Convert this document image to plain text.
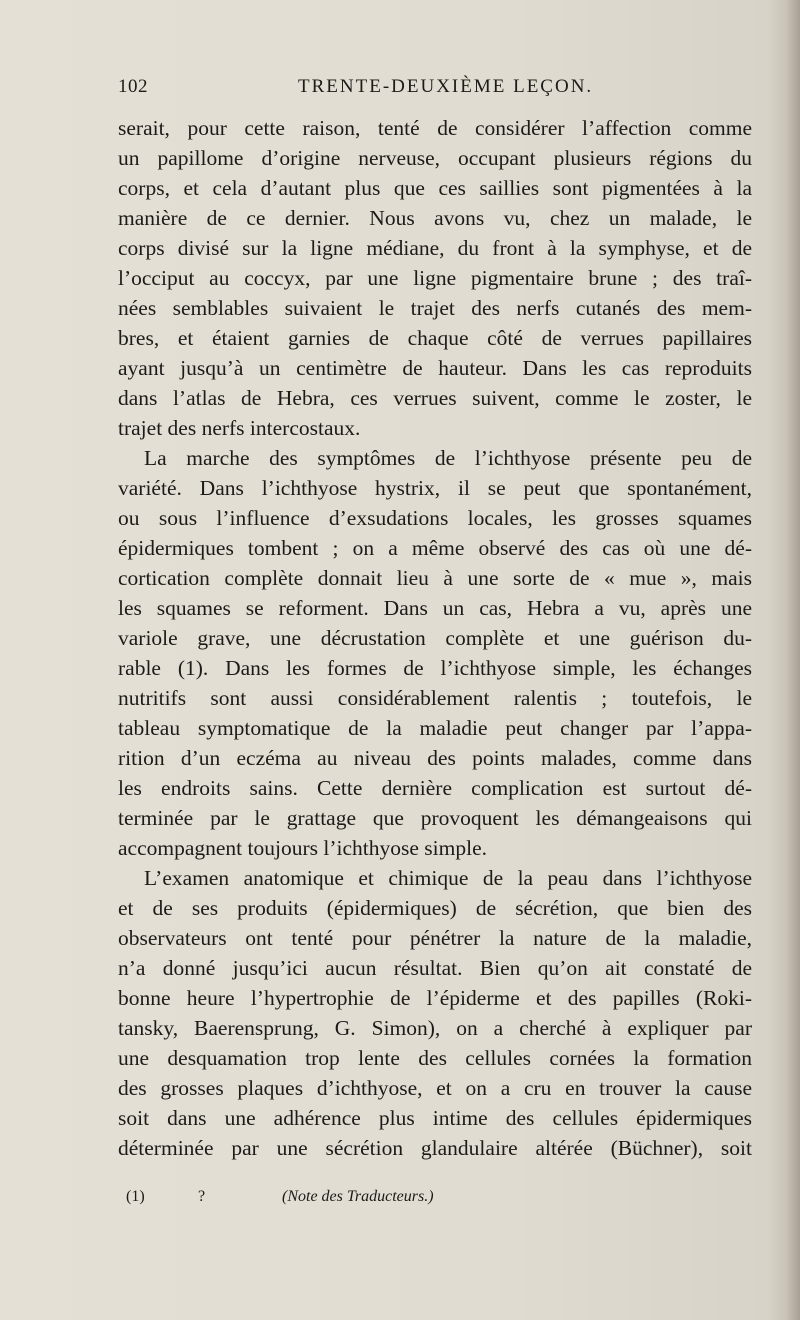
102	TRENTE-DEUXIÈME LEÇON.
serait, pour cette raison, tenté de considérer l’affection comme
un papillome d’origine nerveuse, occupant plusieurs régions du
corps, et cela d’autant plus que ces saillies sont pigmentées à la
manière de ce dernier. Nous avons vu, chez un malade, le
corps divisé sur la ligne médiane, du front à la symphyse, et de
l’occiput au coccyx, par une ligne pigmentaire brune ; des traî-
nées semblables suivaient le trajet des nerfs cutanés des mem-
bres, et étaient garnies de chaque côté de verrues papillaires
ayant jusqu’à un centimètre de hauteur. Dans les cas reproduits
dans l’atlas de Hebra, ces verrues suivent, comme le zoster, le
trajet des nerfs intercostaux.
La marche des symptômes de l’ichthyose présente peu de
variété. Dans l’ichthyose hystrix, il se peut que spontanément,
ou sous l’influence d’exsudations locales, les grosses squames
épidermiques tombent ; on a même observé des cas où une dé-
cortication complète donnait lieu à une sorte de « mue », mais
les squames se reforment. Dans un cas, Hebra a vu, après une
variole grave, une décrustation complète et une guérison du-
rable (1). Dans les formes de l’ichthyose simple, les échanges
nutritifs sont aussi considérablement ralentis ; toutefois, le
tableau symptomatique de la maladie peut changer par l’appa-
rition d’un eczéma au niveau des points malades, comme dans
les endroits sains. Cette dernière complication est surtout dé-
terminée par le grattage que provoquent les démangeaisons qui
accompagnent toujours l’ichthyose simple.
L’examen anatomique et chimique de la peau dans l’ichthyose
et de ses produits (épidermiques) de sécrétion, que bien des
observateurs ont tenté pour pénétrer la nature de la maladie,
n’a donné jusqu’ici aucun résultat. Bien qu’on ait constaté de
bonne heure l’hypertrophie de l’épiderme et des papilles (Roki-
tansky, Baerensprung, G. Simon), on a cherché à expliquer par
une desquamation trop lente des cellules cornées la formation
des grosses plaques d’ichthyose, et on a cru en trouver la cause
soit dans une adhérence plus intime des cellules épidermiques
déterminée par une sécrétion glandulaire altérée (Büchner), soit
(1)	?	(Note des Traducteurs.)
